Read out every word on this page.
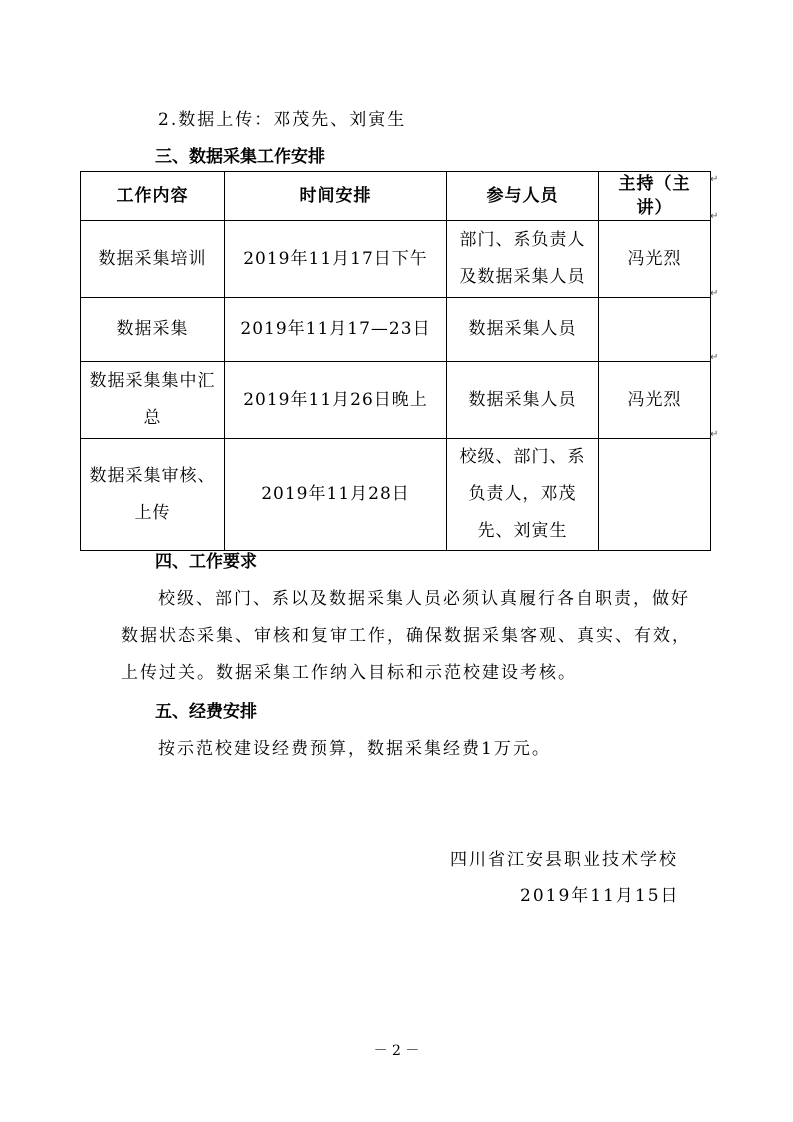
2.数据上传：邓茂先、刘寅生
三、数据采集工作安排
工作内容	时间安排	参与人员	主持（主讲）
数据采集培训	2019年11月17日下午	部门、系负责人及数据采集人员	冯光烈
数据采集	2019年11月17—23日	数据采集人员	
数据采集集中汇总	2019年11月26日晚上	数据采集人员	冯光烈
数据采集审核、上传	2019年11月28日	校级、部门、系负责人，邓茂先、刘寅生	
↵
↵
↵
↵
↵
四、工作要求
校级、部门、系以及数据采集人员必须认真履行各自职责，做好
数据状态采集、审核和复审工作，确保数据采集客观、真实、有效，
上传过关。数据采集工作纳入目标和示范校建设考核。
五、经费安排
按示范校建设经费预算，数据采集经费1万元。
四川省江安县职业技术学校
2019年11月15日
－ 2 －
